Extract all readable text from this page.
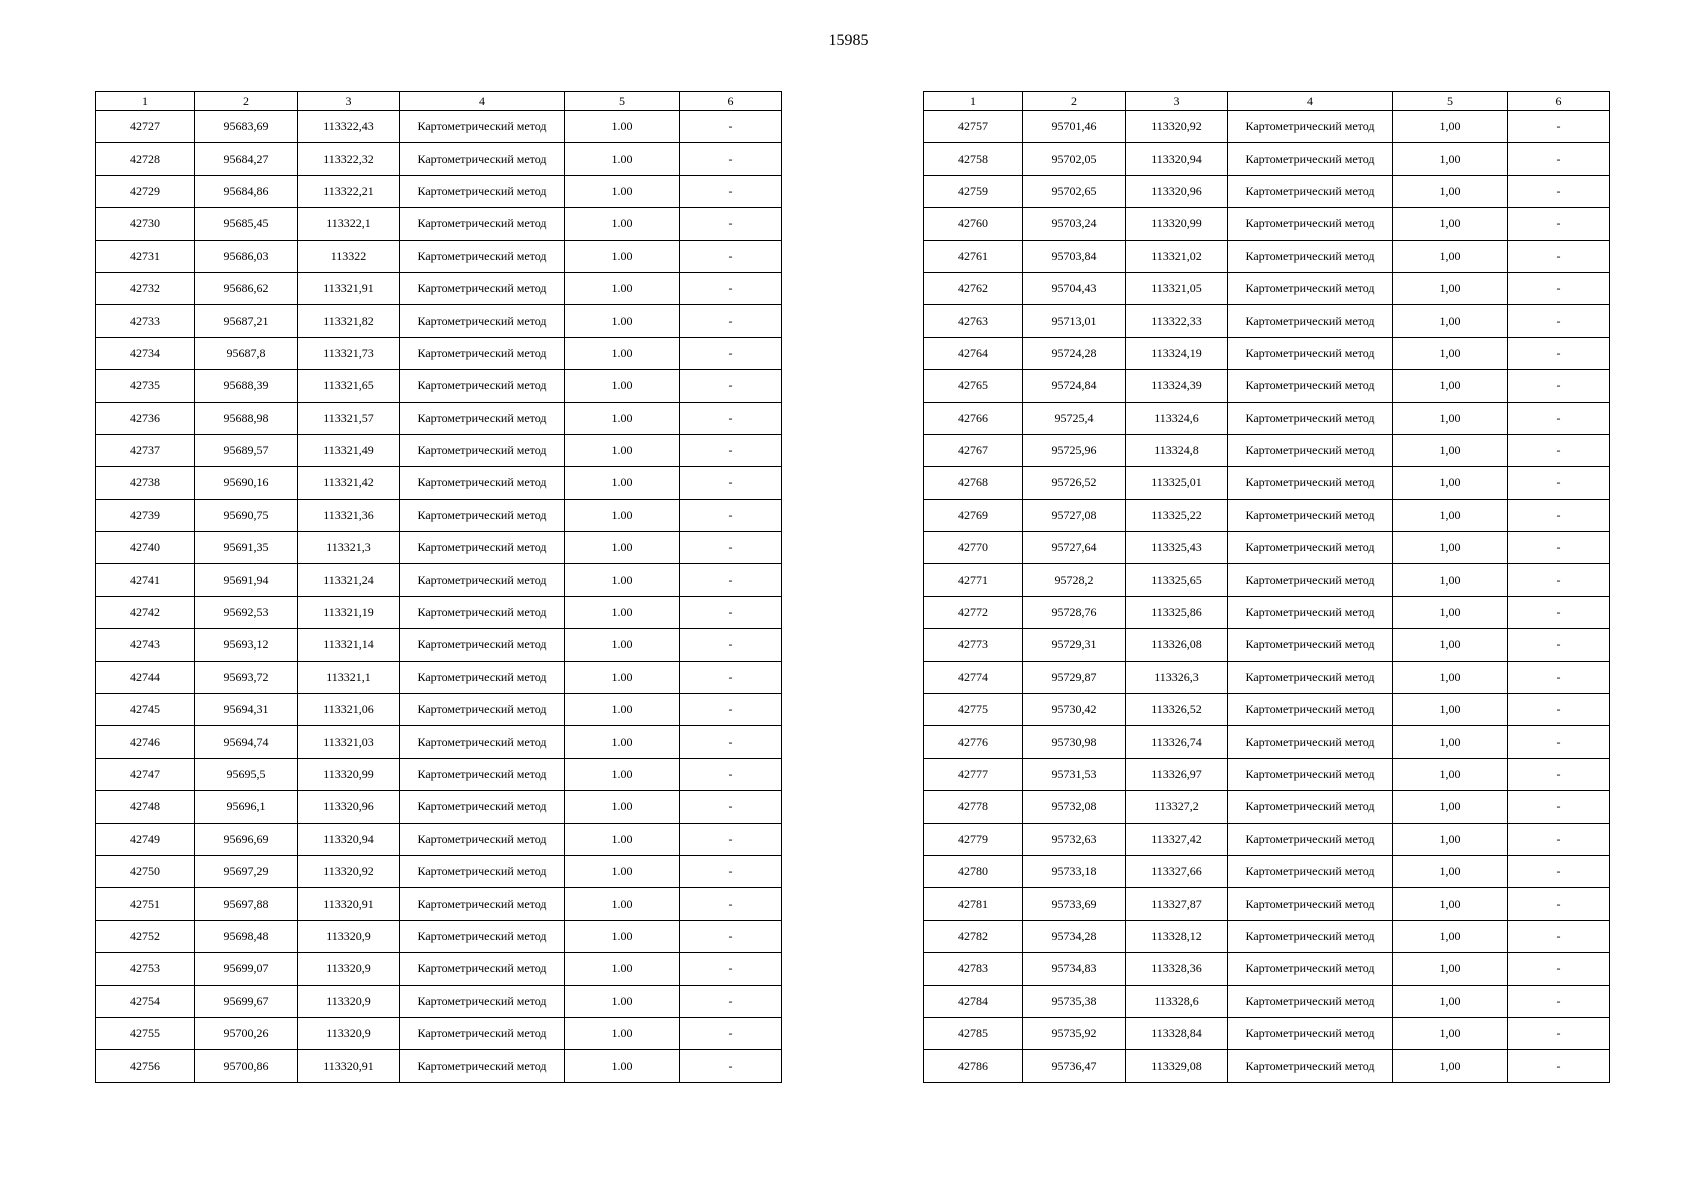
15985
1	2	3	4	5	6
42727	95683,69	113322,43	Картометрический метод	1.00	-
42728	95684,27	113322,32	Картометрический метод	1.00	-
42729	95684,86	113322,21	Картометрический метод	1.00	-
42730	95685,45	113322,1	Картометрический метод	1.00	-
42731	95686,03	113322	Картометрический метод	1.00	-
42732	95686,62	113321,91	Картометрический метод	1.00	-
42733	95687,21	113321,82	Картометрический метод	1.00	-
42734	95687,8	113321,73	Картометрический метод	1.00	-
42735	95688,39	113321,65	Картометрический метод	1.00	-
42736	95688,98	113321,57	Картометрический метод	1.00	-
42737	95689,57	113321,49	Картометрический метод	1.00	-
42738	95690,16	113321,42	Картометрический метод	1.00	-
42739	95690,75	113321,36	Картометрический метод	1.00	-
42740	95691,35	113321,3	Картометрический метод	1.00	-
42741	95691,94	113321,24	Картометрический метод	1.00	-
42742	95692,53	113321,19	Картометрический метод	1.00	-
42743	95693,12	113321,14	Картометрический метод	1.00	-
42744	95693,72	113321,1	Картометрический метод	1.00	-
42745	95694,31	113321,06	Картометрический метод	1.00	-
42746	95694,74	113321,03	Картометрический метод	1.00	-
42747	95695,5	113320,99	Картометрический метод	1.00	-
42748	95696,1	113320,96	Картометрический метод	1.00	-
42749	95696,69	113320,94	Картометрический метод	1.00	-
42750	95697,29	113320,92	Картометрический метод	1.00	-
42751	95697,88	113320,91	Картометрический метод	1.00	-
42752	95698,48	113320,9	Картометрический метод	1.00	-
42753	95699,07	113320,9	Картометрический метод	1.00	-
42754	95699,67	113320,9	Картометрический метод	1.00	-
42755	95700,26	113320,9	Картометрический метод	1.00	-
42756	95700,86	113320,91	Картометрический метод	1.00	-
1	2	3	4	5	6
42757	95701,46	113320,92	Картометрический метод	1,00	-
42758	95702,05	113320,94	Картометрический метод	1,00	-
42759	95702,65	113320,96	Картометрический метод	1,00	-
42760	95703,24	113320,99	Картометрический метод	1,00	-
42761	95703,84	113321,02	Картометрический метод	1,00	-
42762	95704,43	113321,05	Картометрический метод	1,00	-
42763	95713,01	113322,33	Картометрический метод	1,00	-
42764	95724,28	113324,19	Картометрический метод	1,00	-
42765	95724,84	113324,39	Картометрический метод	1,00	-
42766	95725,4	113324,6	Картометрический метод	1,00	-
42767	95725,96	113324,8	Картометрический метод	1,00	-
42768	95726,52	113325,01	Картометрический метод	1,00	-
42769	95727,08	113325,22	Картометрический метод	1,00	-
42770	95727,64	113325,43	Картометрический метод	1,00	-
42771	95728,2	113325,65	Картометрический метод	1,00	-
42772	95728,76	113325,86	Картометрический метод	1,00	-
42773	95729,31	113326,08	Картометрический метод	1,00	-
42774	95729,87	113326,3	Картометрический метод	1,00	-
42775	95730,42	113326,52	Картометрический метод	1,00	-
42776	95730,98	113326,74	Картометрический метод	1,00	-
42777	95731,53	113326,97	Картометрический метод	1,00	-
42778	95732,08	113327,2	Картометрический метод	1,00	-
42779	95732,63	113327,42	Картометрический метод	1,00	-
42780	95733,18	113327,66	Картометрический метод	1,00	-
42781	95733,69	113327,87	Картометрический метод	1,00	-
42782	95734,28	113328,12	Картометрический метод	1,00	-
42783	95734,83	113328,36	Картометрический метод	1,00	-
42784	95735,38	113328,6	Картометрический метод	1,00	-
42785	95735,92	113328,84	Картометрический метод	1,00	-
42786	95736,47	113329,08	Картометрический метод	1,00	-
